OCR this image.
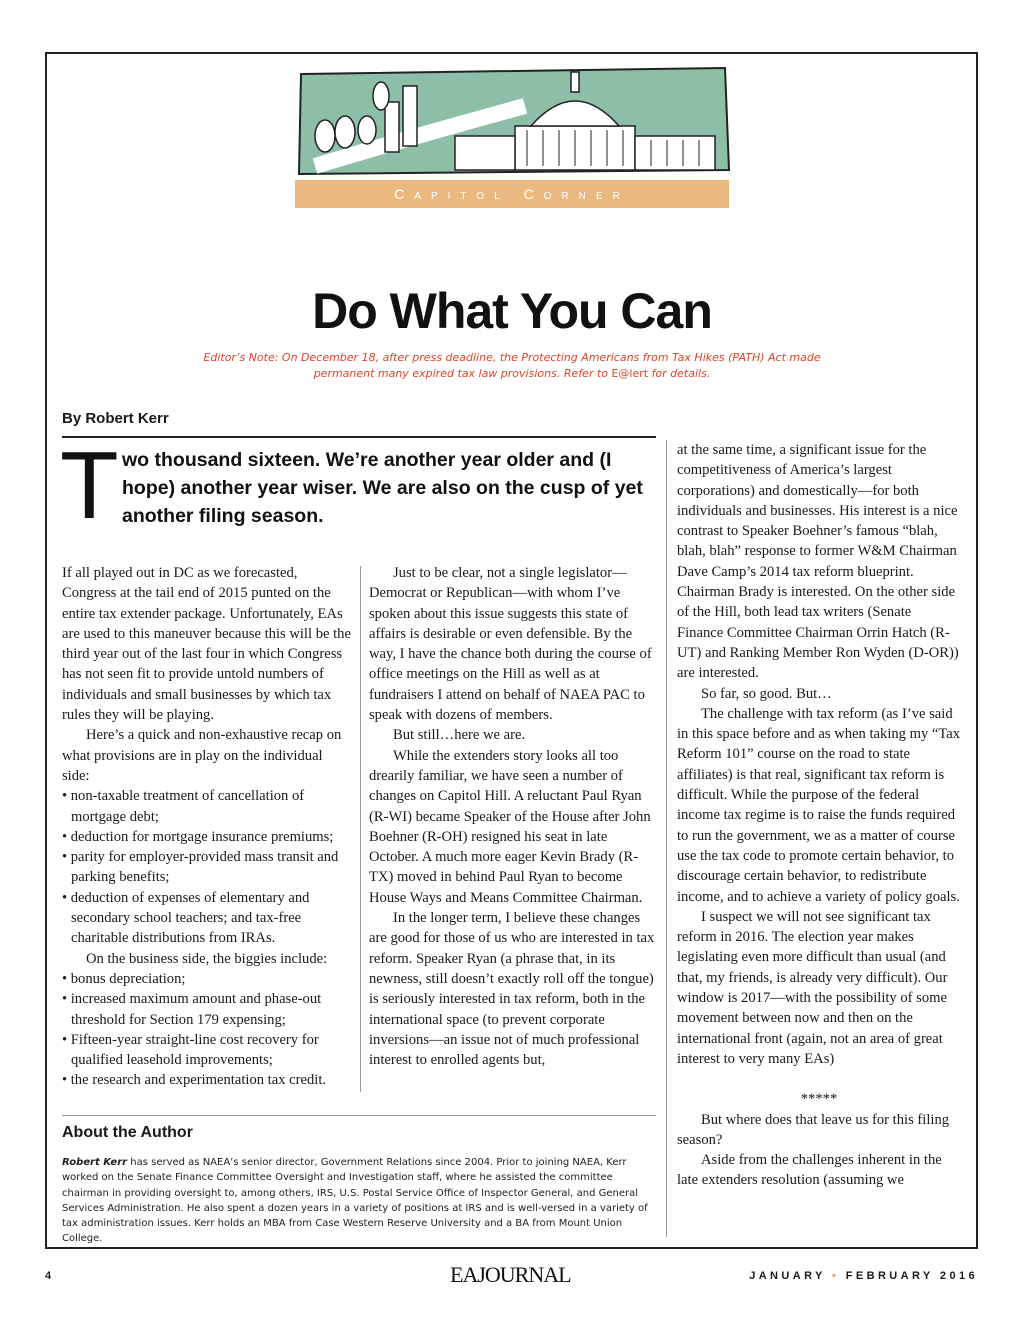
Capitol Corner
Do What You Can
Editor’s Note: On December 18, after press deadline, the Protecting Americans from Tax Hikes (PATH) Act made permanent many expired tax law provisions. Refer to E@lert for details.
By Robert Kerr
T wo thousand sixteen. We’re another year older and (I hope) another year wiser. We are also on the cusp of yet another filing season.

If all played out in DC as we forecasted, Congress at the tail end of 2015 punted on the entire tax extender package. Unfortunately, EAs are used to this maneuver because this will be the third year out of the last four in which Congress has not seen fit to provide untold numbers of individuals and small businesses by which tax rules they will be playing.

Here’s a quick and non-exhaustive recap on what provisions are in play on the individual side:

• non-taxable treatment of cancellation of mortgage debt;

• deduction for mortgage insurance premiums;

• parity for employer-provided mass transit and parking benefits;

• deduction of expenses of elementary and secondary school teachers; and tax-free charitable distributions from IRAs.

On the business side, the biggies include:

• bonus depreciation;

• increased maximum amount and phase-out threshold for Section 179 expensing;

• Fifteen-year straight-line cost recovery for qualified leasehold improvements;

• the research and experimentation tax credit.

Just to be clear, not a single legislator—Democrat or Republican—with whom I’ve spoken about this issue suggests this state of affairs is desirable or even defensible. By the way, I have the chance both during the course of office meetings on the Hill as well as at fundraisers I attend on behalf of NAEA PAC to speak with dozens of members.

But still…here we are.

While the extenders story looks all too drearily familiar, we have seen a number of changes on Capitol Hill. A reluctant Paul Ryan (R-WI) became Speaker of the House after John Boehner (R-OH) resigned his seat in late October. A much more eager Kevin Brady (R-TX) moved in behind Paul Ryan to become House Ways and Means Committee Chairman.

In the longer term, I believe these changes are good for those of us who are interested in tax reform. Speaker Ryan (a phrase that, in its newness, still doesn’t exactly roll off the tongue) is seriously interested in tax reform, both in the international space (to prevent corporate inversions—an issue not of much professional interest to enrolled agents but,

at the same time, a significant issue for the competitiveness of America’s largest corporations) and domestically—for both individuals and businesses. His interest is a nice contrast to Speaker Boehner’s famous “blah, blah, blah” response to former W&M Chairman Dave Camp’s 2014 tax reform blueprint. Chairman Brady is interested. On the other side of the Hill, both lead tax writers (Senate Finance Committee Chairman Orrin Hatch (R-UT) and Ranking Member Ron Wyden (D-OR)) are interested.

So far, so good. But…

The challenge with tax reform (as I’ve said in this space before and as when taking my “Tax Reform 101” course on the road to state affiliates) is that real, significant tax reform is difficult. While the purpose of the federal income tax regime is to raise the funds required to run the government, we as a matter of course use the tax code to promote certain behavior, to discourage certain behavior, to redistribute income, and to achieve a variety of policy goals.

I suspect we will not see significant tax reform in 2016. The election year makes legislating even more difficult than usual (and that, my friends, is already very difficult). Our window is 2017—with the possibility of some movement between now and then on the international front (again, not an area of great interest to very many EAs)

*****

But where does that leave us for this filing season?

Aside from the challenges inherent in the late extenders resolution (assuming we

About the Author
Robert Kerr has served as NAEA’s senior director, Government Relations since 2004. Prior to joining NAEA, Kerr worked on the Senate Finance Committee Oversight and Investigation staff, where he assisted the committee chairman in providing oversight to, among others, IRS, U.S. Postal Service Office of Inspector General, and General Services Administration. He also spent a dozen years in a variety of positions at IRS and is well-versed in a variety of tax administration issues. Kerr holds an MBA from Case Western Reserve University and a BA from Mount Union College.
4	EAJOURNAL	JANUARY • FEBRUARY 2016
